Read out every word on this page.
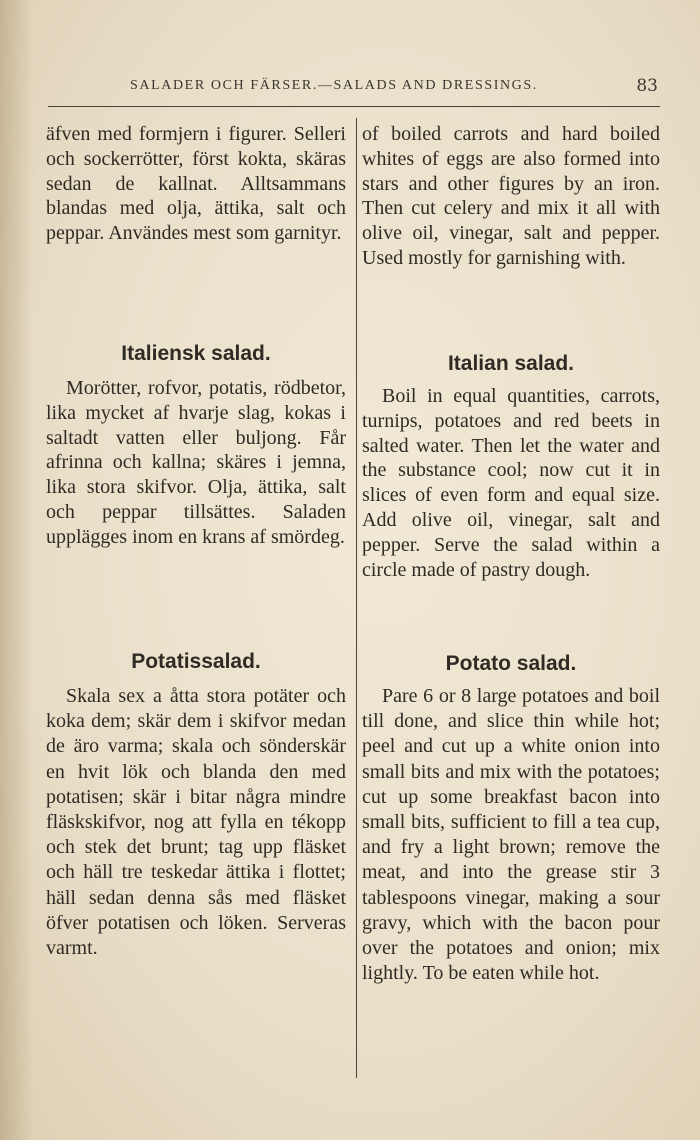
SALADER OCH FÄRSER.—SALADS AND DRESSINGS.	83

äfven med formjern i figurer. Selleri och sockerrötter, först kokta, skäras sedan de kallnat. Alltsammans blandas med olja, ättika, salt och peppar. Användes mest som garnityr.

Italiensk salad.

Morötter, rofvor, potatis, rödbetor, lika mycket af hvarje slag, kokas i saltadt vatten eller buljong. Får afrinna och kallna; skäres i jemna, lika stora skifvor. Olja, ättika, salt och peppar tillsättes. Saladen upplägges inom en krans af smördeg.

Potatissalad.

Skala sex a åtta stora potäter och koka dem; skär dem i skifvor medan de äro varma; skala och sönderskär en hvit lök och blanda den med potatisen; skär i bitar några mindre fläskskifvor, nog att fylla en tékopp och stek det brunt; tag upp fläsket och häll tre teskedar ättika i flottet; häll sedan denna sås med fläsket öfver potatisen och löken. Serveras varmt.

of boiled carrots and hard boiled whites of eggs are also formed into stars and other figures by an iron. Then cut celery and mix it all with olive oil, vinegar, salt and pepper. Used mostly for garnishing with.

Italian salad.

Boil in equal quantities, carrots, turnips, potatoes and red beets in salted water. Then let the water and the substance cool; now cut it in slices of even form and equal size. Add olive oil, vinegar, salt and pepper. Serve the salad within a circle made of pastry dough.

Potato salad.

Pare 6 or 8 large potatoes and boil till done, and slice thin while hot; peel and cut up a white onion into small bits and mix with the potatoes; cut up some breakfast bacon into small bits, sufficient to fill a tea cup, and fry a light brown; remove the meat, and into the grease stir 3 tablespoons vinegar, making a sour gravy, which with the bacon pour over the potatoes and onion; mix lightly. To be eaten while hot.
